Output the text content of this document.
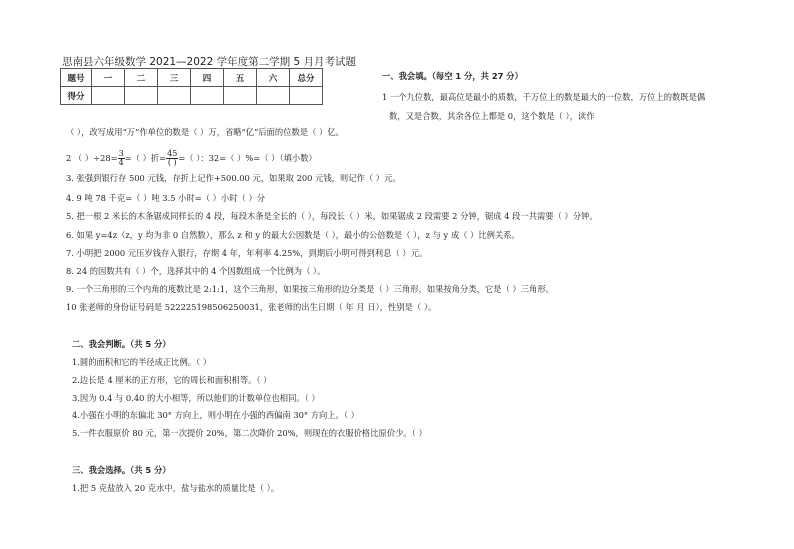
思南县六年级数学 2021—2022 学年度第二学期 5 月月考试题
题号	一	二	三	四	五	六	总分
得分							
一、我会填。（每空 1 分，共 27 分）
1 一个九位数，最高位是最小的质数，千万位上的数是最大的一位数，万位上的数既是偶
数，又是合数，其余各位上都是 0，这个数是（ ），读作
（ ），改写成用“万”作单位的数是（ ）万，省略“亿”后面的位数是（ ）亿。
2 （ ）$\div 28= \frac{3}{4}$ =（ ）折= $\frac{45}{( )}$ =（ ）：32=（ ）%=（ ）（填小数）
3. 张强到银行存 500 元钱，存折上记作+500.00 元，如果取 200 元钱，则记作（ ）元。
4. 9 吨 78 千克=（ ）吨 3.5 小时=（ ）小时（ ）分
5. 把一根 2 米长的木条锯成同样长的 4 段，每段木条是全长的（ ），每段长（ ）米，如果锯成 2 段需要 2 分钟，锯成 4 段一共需要（ ）分钟。
6. 如果 y=4z（z，y 均为非 0 自然数），那么 z 和 y 的最大公因数是（ ），最小的公倍数是（ ），z 与 y 成（ ）比例关系。
7. 小明把 2000 元压岁钱存入银行，存期 4 年，年利率 4.25%，到期后小明可得到利息（ ）元。
8. 24 的因数共有（ ）个，选择其中的 4 个因数组成一个比例为（ ）。
9. 一个三角形的三个内角的度数比是 2:1:1，这个三角形，如果按三角形的边分类是（ ）三角形，如果按角分类，它是（ ）三角形。
10 张老师的身份证号码是 522225198506250031，张老师的出生日期（ 年 月 日），性别是（ ）。
二、我会判断。（共 5 分）
1.圆的面积和它的半径成正比例。（ ）
2.边长是 4 厘米的正方形，它的周长和面积相等。（ ）
3.因为 0.4 与 0.40 的大小相等，所以他们的计数单位也相同。（ ）
4.小强在小明的东偏北 30° 方向上，则小明在小强的西偏南 30° 方向上。（ ）
5.一件衣服原价 80 元，第一次提价 20%，第二次降价 20%，则现在的衣服价格比原价少。（ ）
三、我会选择。（共 5 分）
1.把 5 克盐放入 20 克水中，盐与盐水的质量比是（ ）。
